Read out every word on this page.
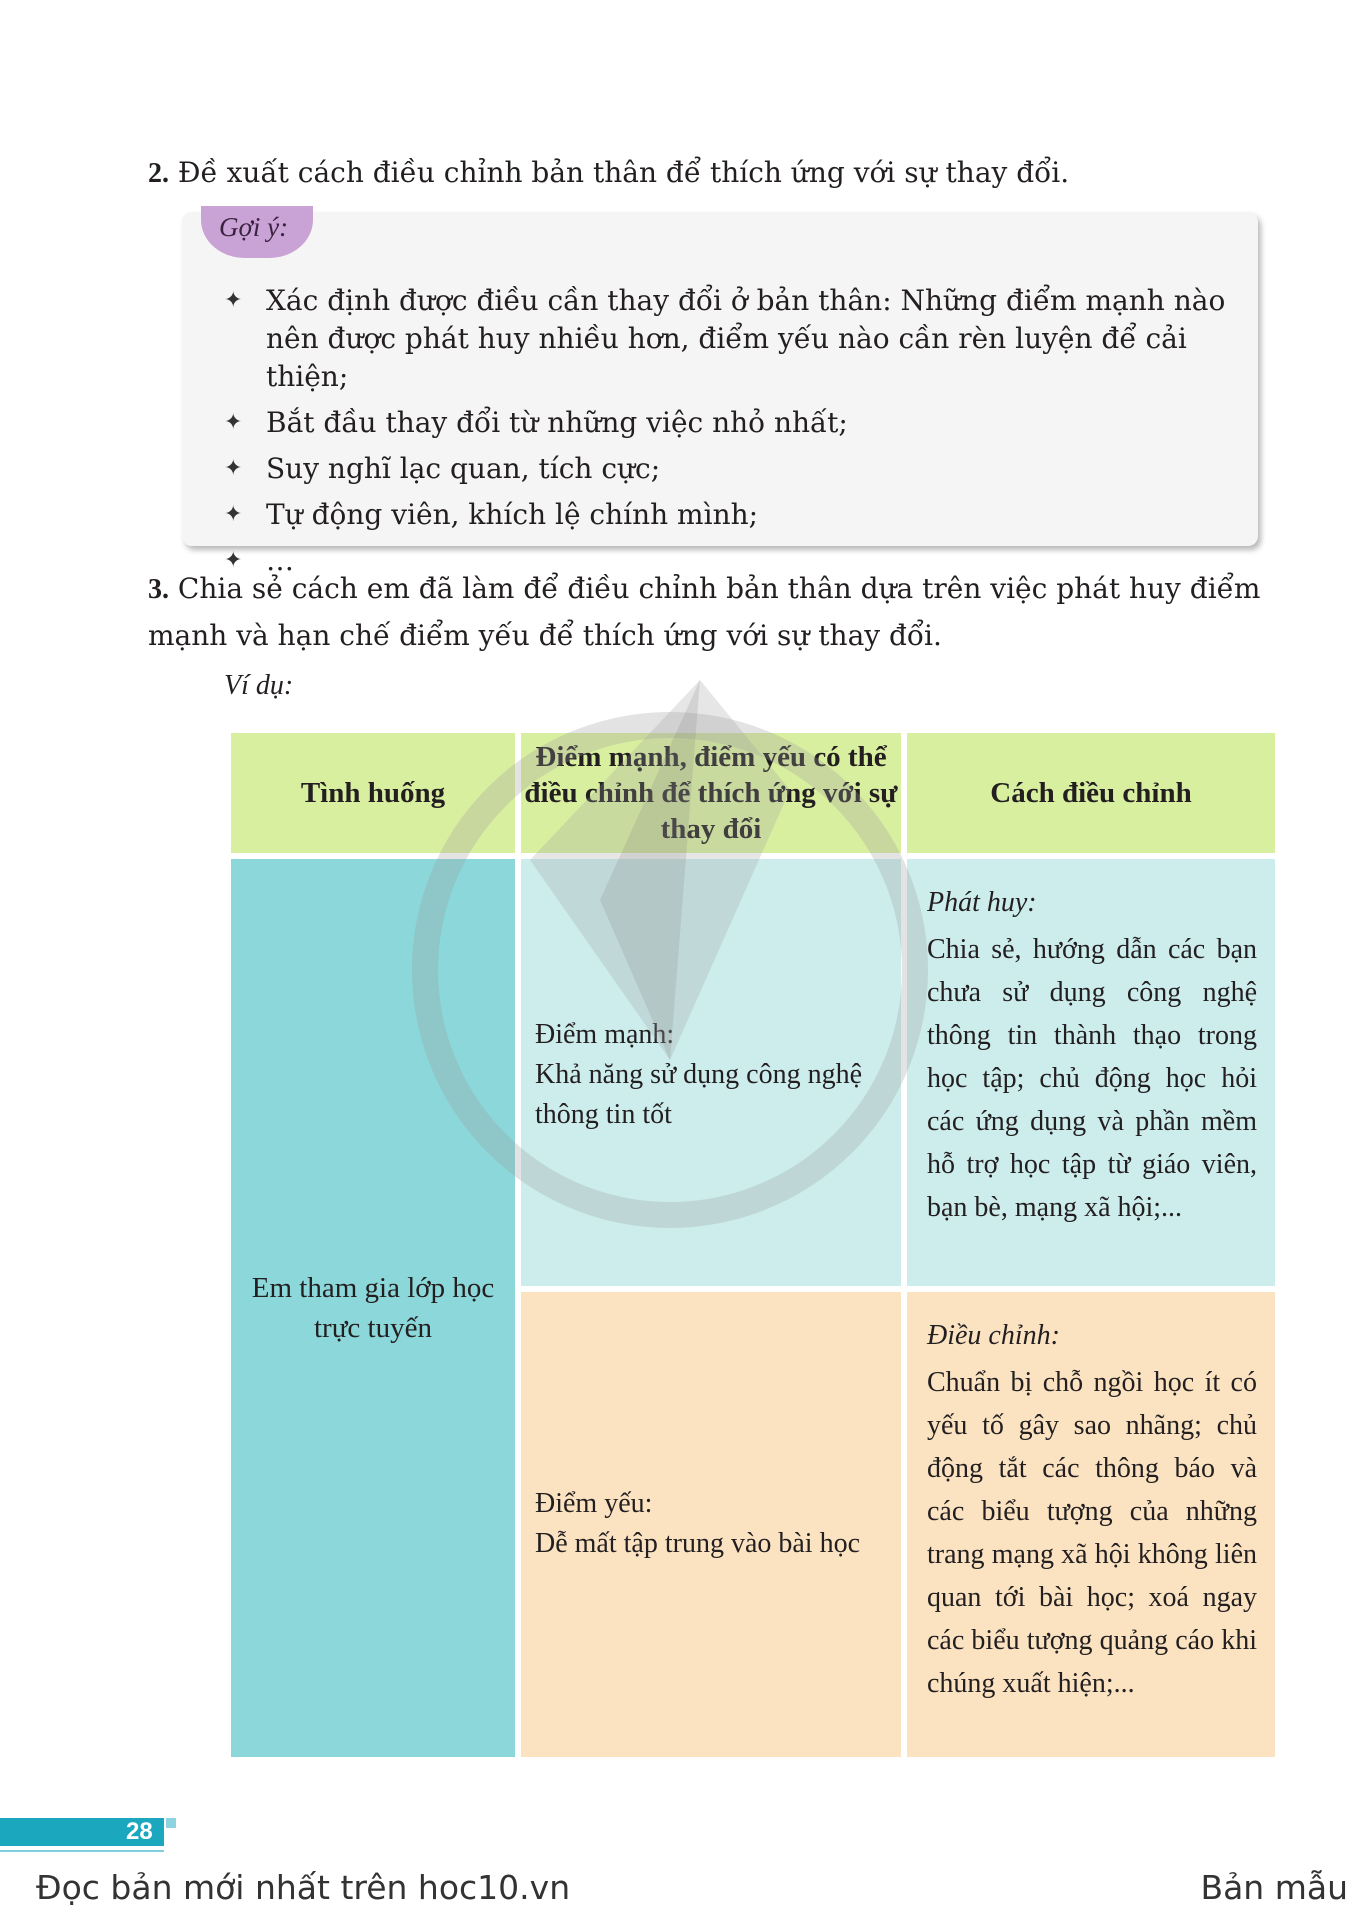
2. Đề xuất cách điều chỉnh bản thân để thích ứng với sự thay đổi.
Gợi ý:
✦ Xác định được điều cần thay đổi ở bản thân: Những điểm mạnh nào nên được phát huy nhiều hơn, điểm yếu nào cần rèn luyện để cải thiện;
✦ Bắt đầu thay đổi từ những việc nhỏ nhất;
✦ Suy nghĩ lạc quan, tích cực;
✦ Tự động viên, khích lệ chính mình;
✦ …
3. Chia sẻ cách em đã làm để điều chỉnh bản thân dựa trên việc phát huy điểm mạnh và hạn chế điểm yếu để thích ứng với sự thay đổi.
Ví dụ:
Tình huống
Điểm mạnh, điểm yếu có thể điều chỉnh để thích ứng với sự thay đổi
Cách điều chỉnh
Em tham gia lớp học trực tuyến
Điểm mạnh:
Khả năng sử dụng công nghệ thông tin tốt
Điểm yếu:
Dễ mất tập trung vào bài học
Phát huy:
Chia sẻ, hướng dẫn các bạn chưa sử dụng công nghệ thông tin thành thạo trong học tập; chủ động học hỏi các ứng dụng và phần mềm hỗ trợ học tập từ giáo viên, bạn bè, mạng xã hội;...
Điều chỉnh:
Chuẩn bị chỗ ngồi học ít có yếu tố gây sao nhãng; chủ động tắt các thông báo và các biểu tượng của những trang mạng xã hội không liên quan tới bài học; xoá ngay các biểu tượng quảng cáo khi chúng xuất hiện;...
28
Đọc bản mới nhất trên hoc10.vn	Bản mẫu
